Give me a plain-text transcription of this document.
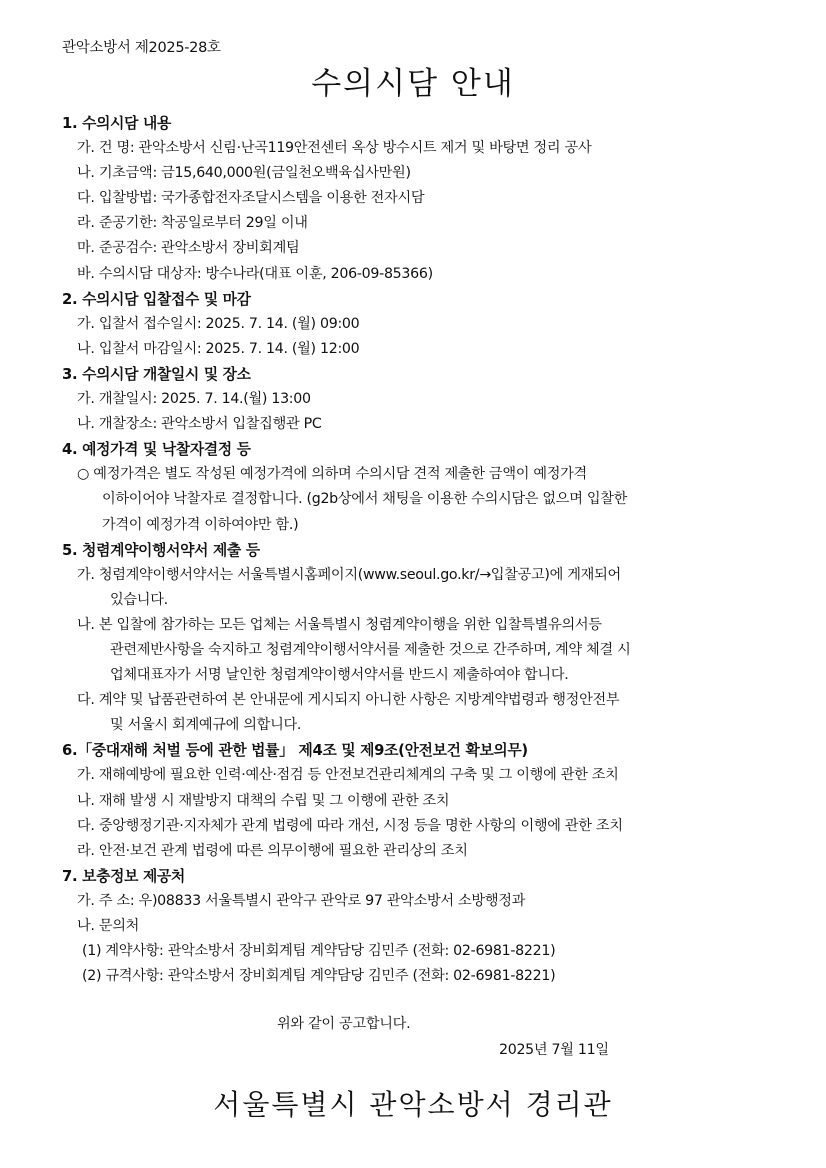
관악소방서 제2025-28호
수의시담 안내
1. 수의시담 내용
가. 건 명: 관악소방서 신림·난곡119안전센터 옥상 방수시트 제거 및 바탕면 정리 공사
나. 기초금액: 금15,640,000원(금일천오백육십사만원)
다. 입찰방법: 국가종합전자조달시스템을 이용한 전자시담
라. 준공기한: 착공일로부터 29일 이내
마. 준공검수: 관악소방서 장비회계팀
바. 수의시담 대상자: 방수나라(대표 이훈, 206-09-85366)
2. 수의시담 입찰접수 및 마감
가. 입찰서 접수일시: 2025. 7. 14. (월) 09:00
나. 입찰서 마감일시: 2025. 7. 14. (월) 12:00
3. 수의시담 개찰일시 및 장소
가. 개찰일시: 2025. 7. 14.(월) 13:00
나. 개찰장소: 관악소방서 입찰집행관 PC
4. 예정가격 및 낙찰자결정 등
○ 예정가격은 별도 작성된 예정가격에 의하며 수의시담 견적 제출한 금액이 예정가격
이하이어야 낙찰자로 결정합니다. (g2b상에서 채팅을 이용한 수의시담은 없으며 입찰한
가격이 예정가격 이하여야만 함.)
5. 청렴계약이행서약서 제출 등
가. 청렴계약이행서약서는 서울특별시홈페이지(www.seoul.go.kr/→입찰공고)에 게재되어
있습니다.
나. 본 입찰에 참가하는 모든 업체는 서울특별시 청렴계약이행을 위한 입찰특별유의서등
관련제반사항을 숙지하고 청렴계약이행서약서를 제출한 것으로 간주하며, 계약 체결 시
업체대표자가 서명 날인한 청렴계약이행서약서를 반드시 제출하여야 합니다.
다. 계약 및 납품관련하여 본 안내문에 게시되지 아니한 사항은 지방계약법령과 행정안전부
및 서울시 회계예규에 의합니다.
6.「중대재해 처벌 등에 관한 법률」 제4조 및 제9조(안전보건 확보의무)
가. 재해예방에 필요한 인력·예산·점검 등 안전보건관리체계의 구축 및 그 이행에 관한 조치
나. 재해 발생 시 재발방지 대책의 수립 및 그 이행에 관한 조치
다. 중앙행정기관·지자체가 관계 법령에 따라 개선, 시정 등을 명한 사항의 이행에 관한 조치
라. 안전·보건 관계 법령에 따른 의무이행에 필요한 관리상의 조치
7. 보충정보 제공처
가. 주 소: 우)08833 서울특별시 관악구 관악로 97 관악소방서 소방행정과
나. 문의처
(1) 계약사항: 관악소방서 장비회계팀 계약담당 김민주 (전화: 02-6981-8221)
(2) 규격사항: 관악소방서 장비회계팀 계약담당 김민주 (전화: 02-6981-8221)
위와 같이 공고합니다.
2025년 7월 11일
서울특별시 관악소방서 경리관
